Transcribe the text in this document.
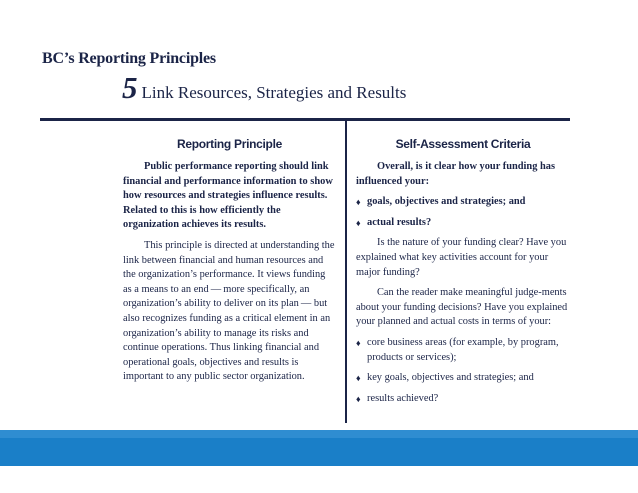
BC’s Reporting Principles
5 Link Resources, Strategies and Results
Reporting Principle

Public performance reporting should link financial and performance information to show how resources and strategies influence results. Related to this is how efficiently the organization achieves its results.

This principle is directed at understanding the link between financial and human resources and the organization’s performance. It views funding as a means to an end — more specifically, an organization’s ability to deliver on its plan — but also recognizes funding as a critical element in an organization’s ability to manage its risks and continue operations. Thus linking financial and operational goals, objectives and results is important to any public sector organization.

Self-Assessment Criteria

Overall, is it clear how your funding has influenced your:

♦ goals, objectives and strategies; and
♦ actual results?

Is the nature of your funding clear? Have you explained what key activities account for your major funding?

Can the reader make meaningful judge-ments about your funding decisions? Have you explained your planned and actual costs in terms of your:

♦ core business areas (for example, by program, products or services);
♦ key goals, objectives and strategies; and
♦ results achieved?
